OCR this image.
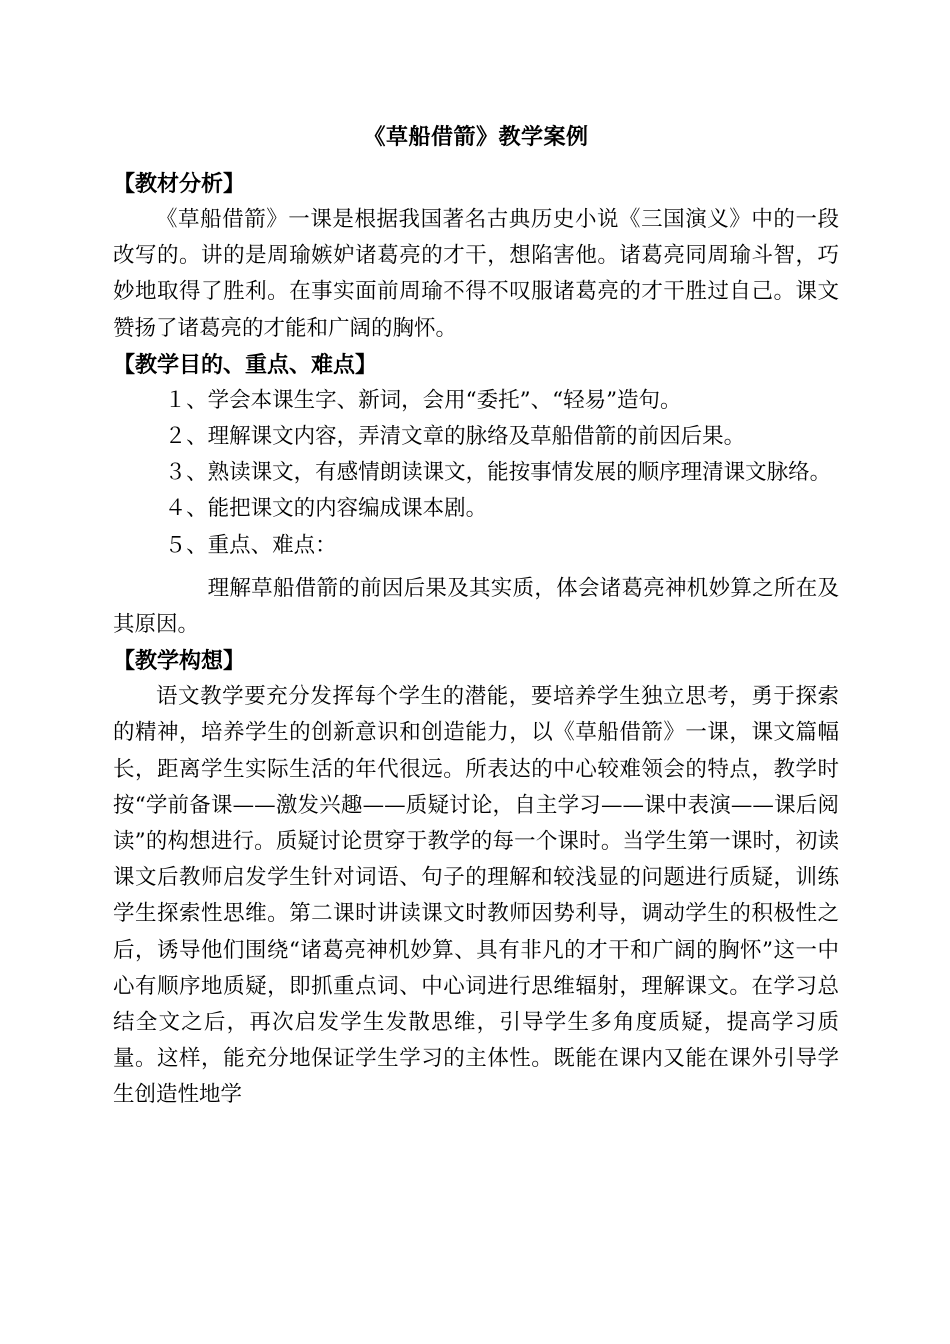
《草船借箭》教学案例
【教材分析】

《草船借箭》一课是根据我国著名古典历史小说《三国演义》中的一段改写的。讲的是周瑜嫉妒诸葛亮的才干，想陷害他。诸葛亮同周瑜斗智，巧妙地取得了胜利。在事实面前周瑜不得不叹服诸葛亮的才干胜过自己。课文赞扬了诸葛亮的才能和广阔的胸怀。

【教学目的、重点、难点】

１、学会本课生字、新词，会用“委托”、“轻易”造句。

２、理解课文内容，弄清文章的脉络及草船借箭的前因后果。

３、熟读课文，有感情朗读课文，能按事情发展的顺序理清课文脉络。

４、能把课文的内容编成课本剧。

５、重点、难点：

理解草船借箭的前因后果及其实质，体会诸葛亮神机妙算之所在及其原因。

【教学构想】

语文教学要充分发挥每个学生的潜能，要培养学生独立思考，勇于探索的精神，培养学生的创新意识和创造能力，以《草船借箭》一课，课文篇幅长，距离学生实际生活的年代很远。所表达的中心较难领会的特点，教学时按“学前备课——激发兴趣——质疑讨论，自主学习——课中表演——课后阅读”的构想进行。质疑讨论贯穿于教学的每一个课时。当学生第一课时，初读课文后教师启发学生针对词语、句子的理解和较浅显的问题进行质疑，训练学生探索性思维。第二课时讲读课文时教师因势利导，调动学生的积极性之后，诱导他们围绕“诸葛亮神机妙算、具有非凡的才干和广阔的胸怀”这一中心有顺序地质疑，即抓重点词、中心词进行思维辐射，理解课文。在学习总结全文之后，再次启发学生发散思维，引导学生多角度质疑，提高学习质量。这样，能充分地保证学生学习的主体性。既能在课内又能在课外引导学生创造性地学
